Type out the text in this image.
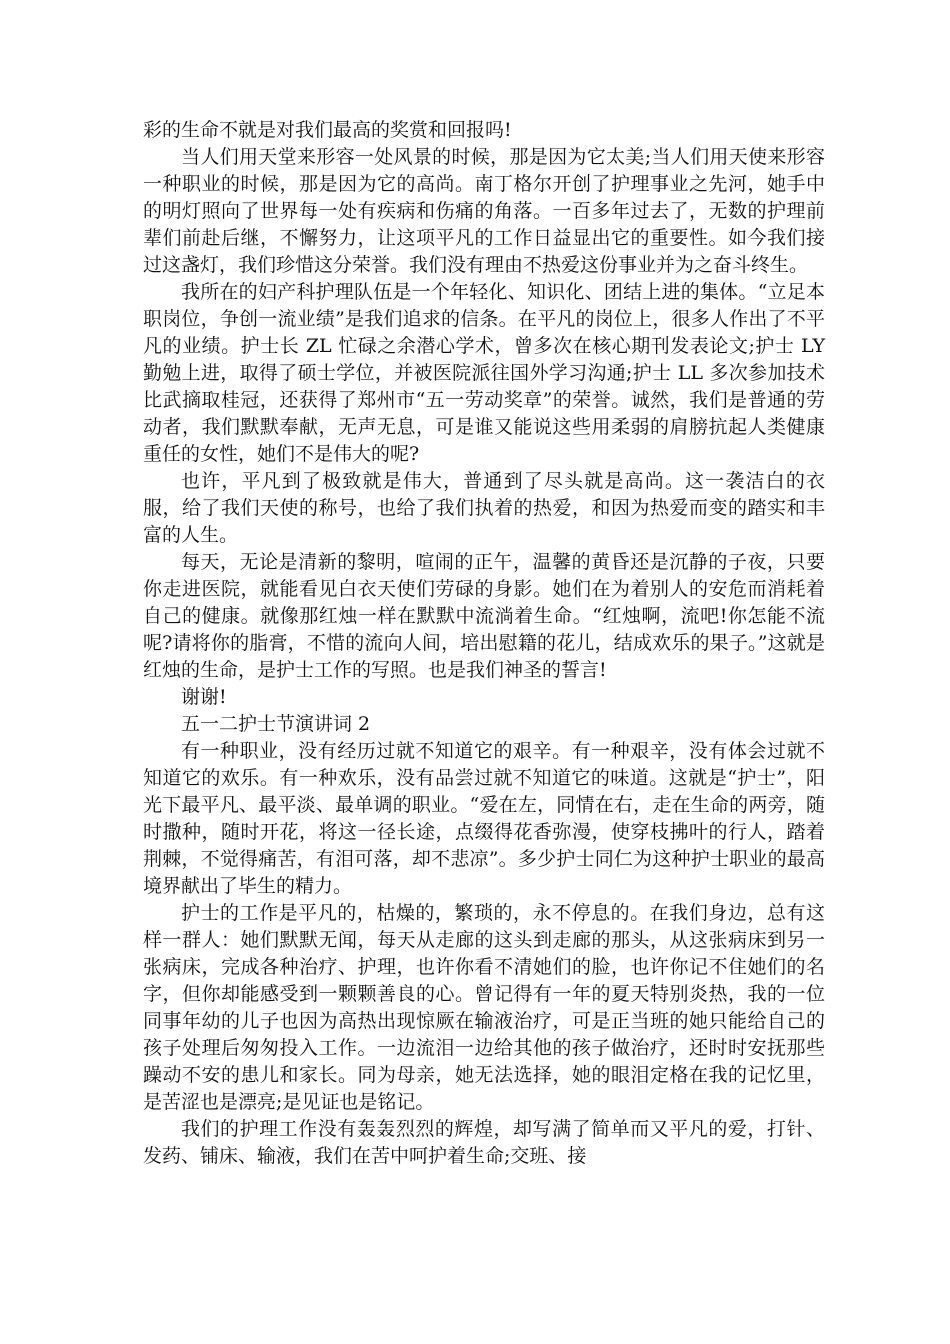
彩的生命不就是对我们最高的奖赏和回报吗!

当人们用天堂来形容一处风景的时候，那是因为它太美;当人们用天使来形容一种职业的时候，那是因为它的高尚。南丁格尔开创了护理事业之先河，她手中的明灯照向了世界每一处有疾病和伤痛的角落。一百多年过去了，无数的护理前辈们前赴后继，不懈努力，让这项平凡的工作日益显出它的重要性。如今我们接过这盏灯，我们珍惜这分荣誉。我们没有理由不热爱这份事业并为之奋斗终生。

我所在的妇产科护理队伍是一个年轻化、知识化、团结上进的集体。“立足本职岗位，争创一流业绩”是我们追求的信条。在平凡的岗位上，很多人作出了不平凡的业绩。护士长 ZL 忙碌之余潜心学术，曾多次在核心期刊发表论文;护士 LY 勤勉上进，取得了硕士学位，并被医院派往国外学习沟通;护士 LL 多次参加技术比武摘取桂冠，还获得了郑州市“五一劳动奖章”的荣誉。诚然，我们是普通的劳动者，我们默默奉献，无声无息，可是谁又能说这些用柔弱的肩膀抗起人类健康重任的女性，她们不是伟大的呢?

也许，平凡到了极致就是伟大，普通到了尽头就是高尚。这一袭洁白的衣服，给了我们天使的称号，也给了我们执着的热爱，和因为热爱而变的踏实和丰富的人生。

每天，无论是清新的黎明，喧闹的正午，温馨的黄昏还是沉静的子夜，只要你走进医院，就能看见白衣天使们劳碌的身影。她们在为着别人的安危而消耗着自己的健康。就像那红烛一样在默默中流淌着生命。“红烛啊，流吧!你怎能不流呢?请将你的脂膏，不惜的流向人间，培出慰籍的花儿，结成欢乐的果子。”这就是红烛的生命，是护士工作的写照。也是我们神圣的誓言!

谢谢!

五一二护士节演讲词 2

有一种职业，没有经历过就不知道它的艰辛。有一种艰辛，没有体会过就不知道它的欢乐。有一种欢乐，没有品尝过就不知道它的味道。这就是“护士”，阳光下最平凡、最平淡、最单调的职业。“爱在左，同情在右，走在生命的两旁，随时撒种，随时开花，将这一径长途，点缀得花香弥漫，使穿枝拂叶的行人，踏着荆棘，不觉得痛苦，有泪可落，却不悲凉”。多少护士同仁为这种护士职业的最高境界献出了毕生的精力。

护士的工作是平凡的，枯燥的，繁琐的，永不停息的。在我们身边，总有这样一群人：她们默默无闻，每天从走廊的这头到走廊的那头，从这张病床到另一张病床，完成各种治疗、护理，也许你看不清她们的脸，也许你记不住她们的名字，但你却能感受到一颗颗善良的心。曾记得有一年的夏天特别炎热，我的一位同事年幼的儿子也因为高热出现惊厥在输液治疗，可是正当班的她只能给自己的孩子处理后匆匆投入工作。一边流泪一边给其他的孩子做治疗，还时时安抚那些躁动不安的患儿和家长。同为母亲，她无法选择，她的眼泪定格在我的记忆里，是苦涩也是漂亮;是见证也是铭记。

我们的护理工作没有轰轰烈烈的辉煌，却写满了简单而又平凡的爱，打针、发药、铺床、输液，我们在苦中呵护着生命;交班、接
